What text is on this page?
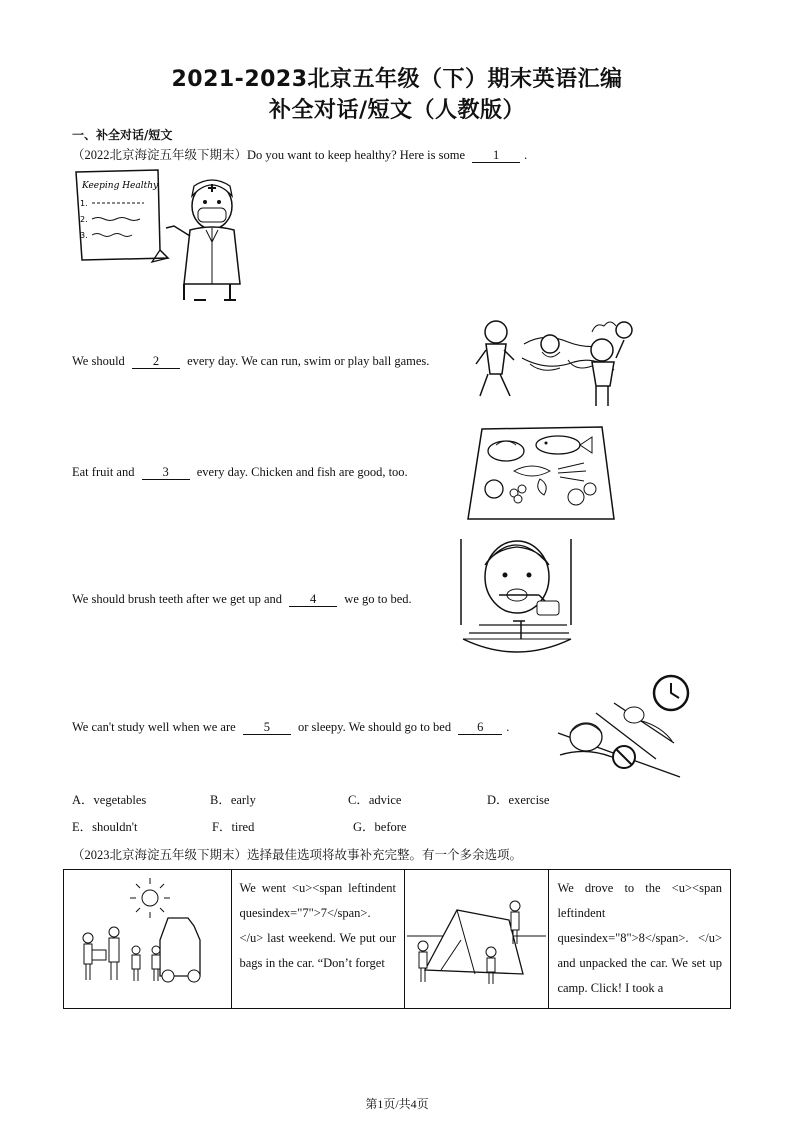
2021-2023北京五年级（下）期末英语汇编
补全对话/短文（人教版）
一、补全对话/短文
（2022北京海淀五年级下期末）Do you want to keep healthy? Here is some 1 .
Keeping Healthy
1.
2.
3.
We should 2 every day. We can run, swim or play ball games.
Eat fruit and 3 every day. Chicken and fish are good, too.
We should brush teeth after we get up and 4 we go to bed.
We can't study well when we are 5 or sleepy. We should go to bed 6 .
A．vegetables	B．early	C．advice	D．exercise
E．shouldn't	F．tired	G．before
（2023北京海淀五年级下期末）选择最佳选项将故事补充完整。有一个多余选项。

We went <u><span leftindent quesindex="7">7</span>. </u> last weekend. We put our bags in the car. “Don’t forget

We drove to the <u><span leftindent quesindex="8">8</span>. </u> and unpacked the car. We set up camp. Click! I took a
第1页/共4页
